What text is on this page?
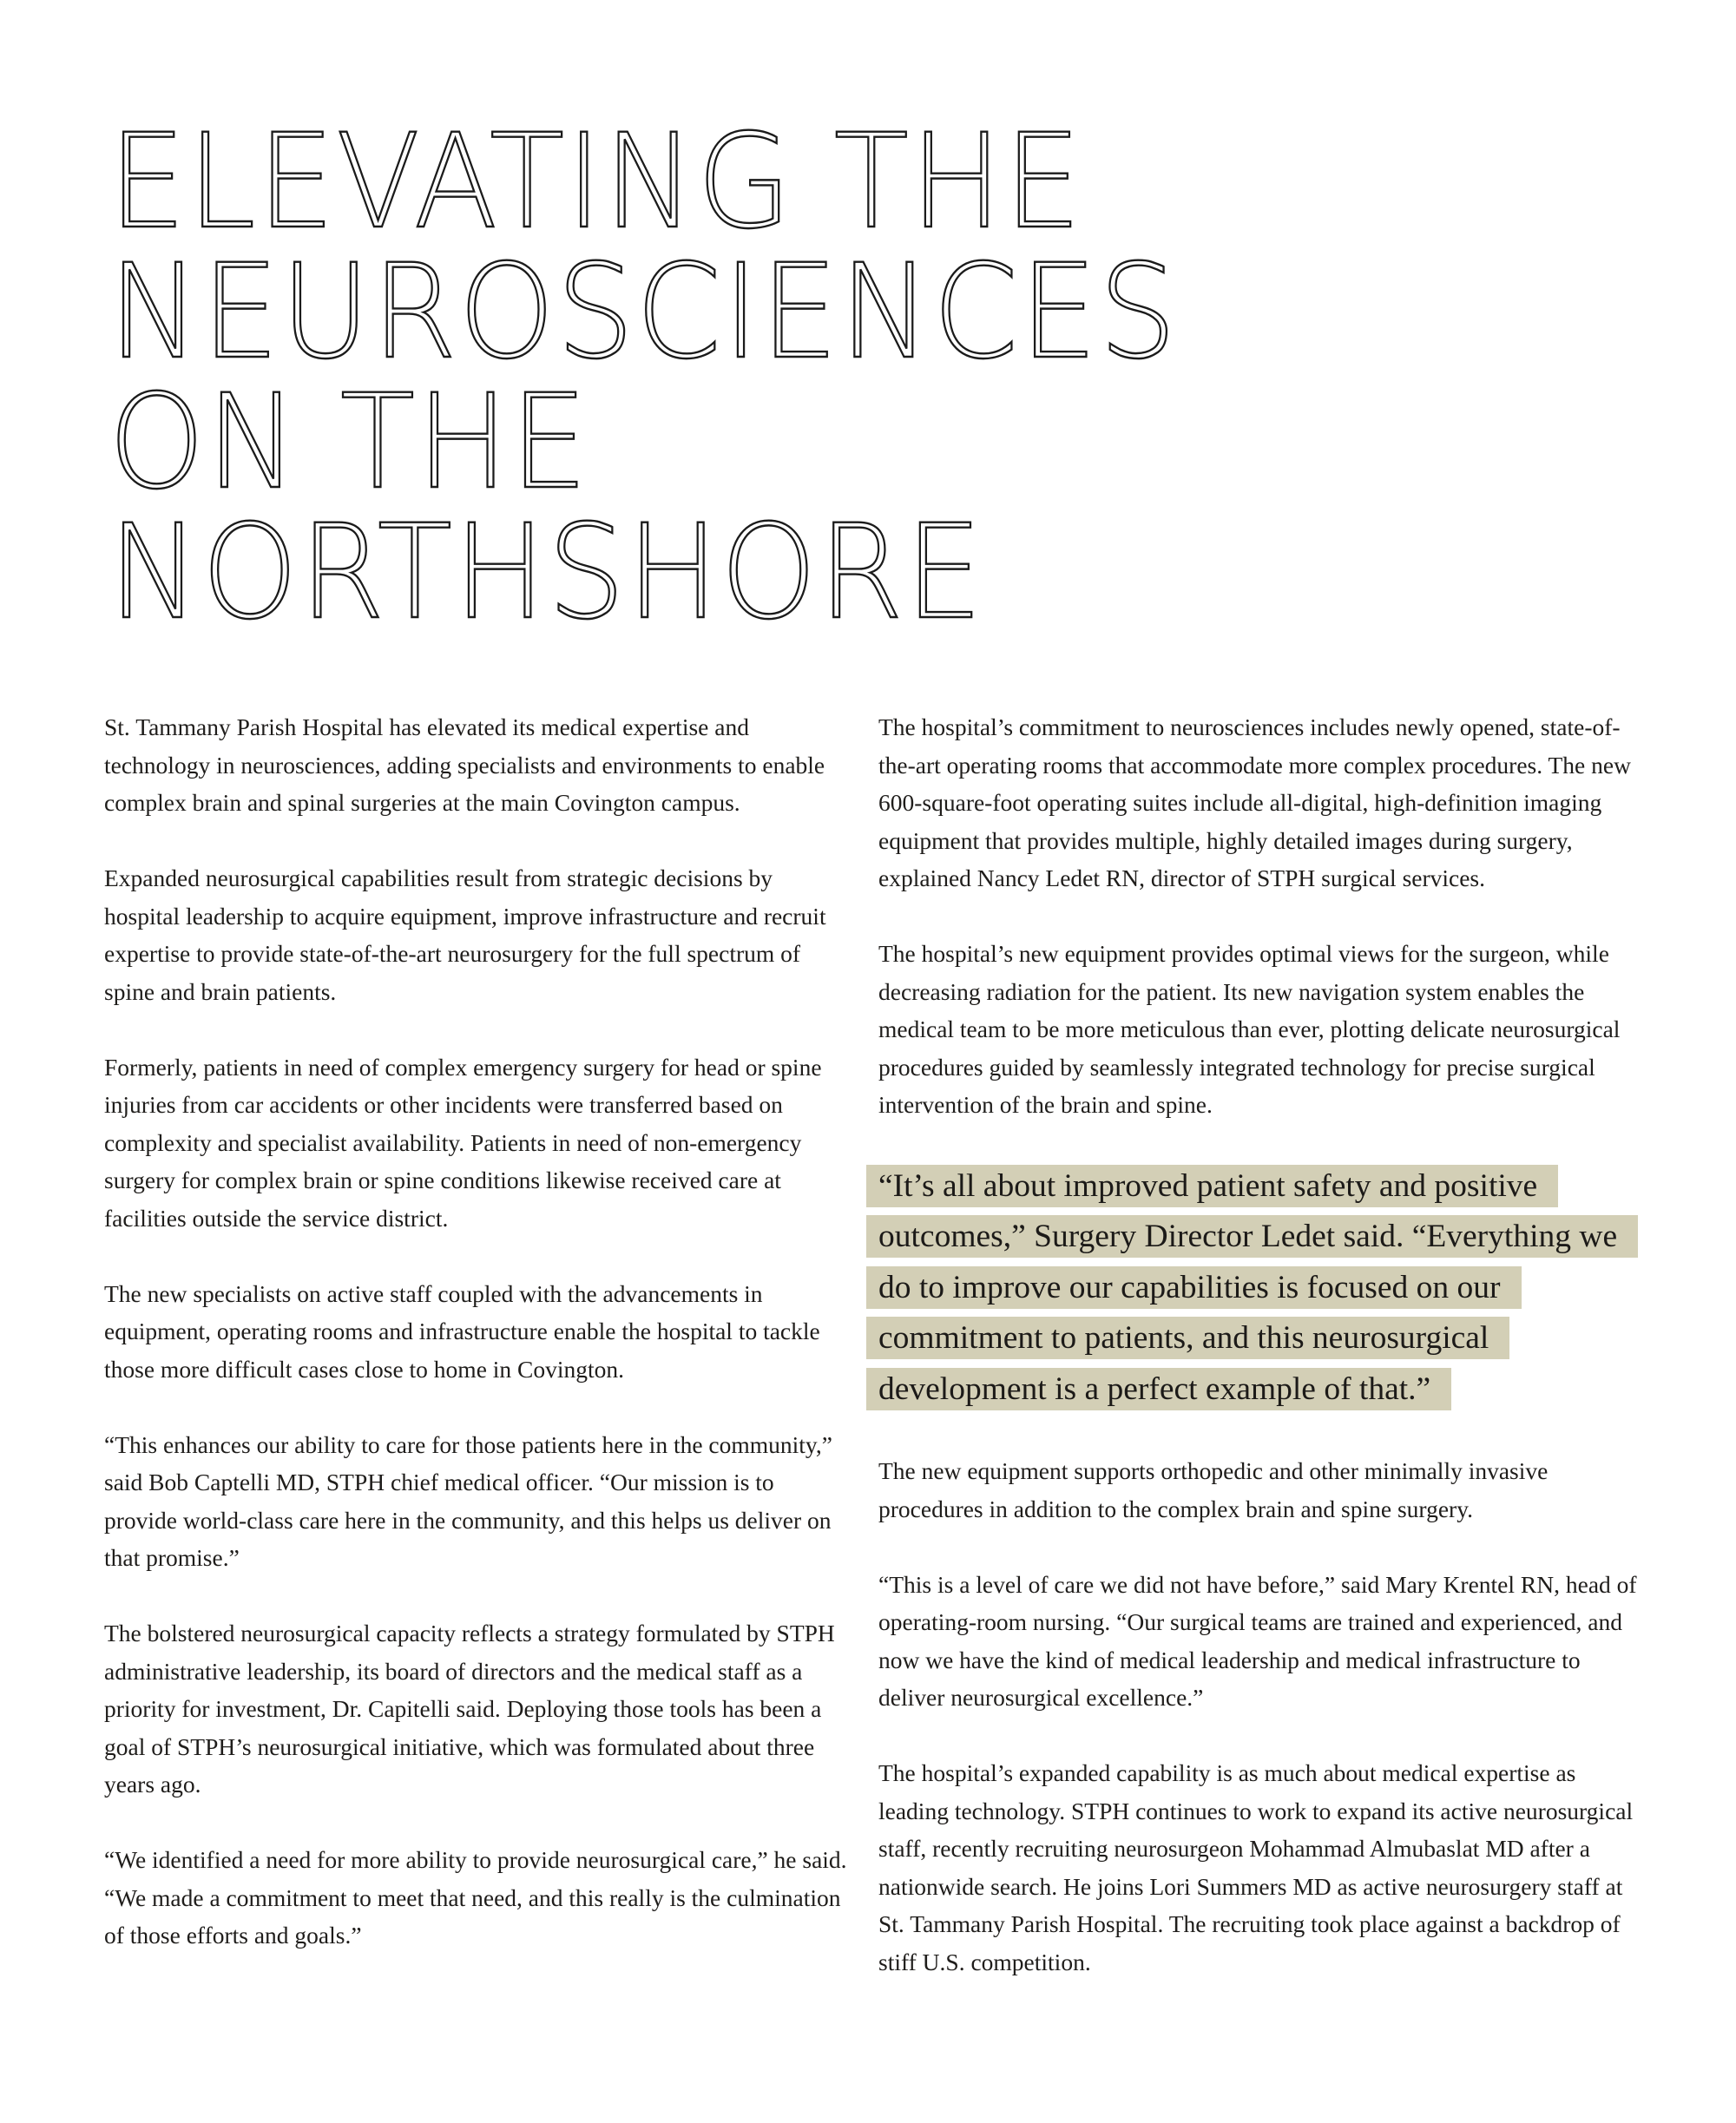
ELEVATING THE
NEUROSCIENCES
ON THE
NORTHSHORE

St. Tammany Parish Hospital has elevated its medical expertise and technology in neurosciences, adding specialists and environments to enable complex brain and spinal surgeries at the main Covington campus.

Expanded neurosurgical capabilities result from strategic decisions by hospital leadership to acquire equipment, improve infrastructure and recruit expertise to provide state-of-the-art neurosurgery for the full spectrum of spine and brain patients.

Formerly, patients in need of complex emergency surgery for head or spine injuries from car accidents or other incidents were transferred based on complexity and specialist availability. Patients in need of non-emergency surgery for complex brain or spine conditions likewise received care at facilities outside the service district.

The new specialists on active staff coupled with the advancements in equipment, operating rooms and infrastructure enable the hospital to tackle those more difficult cases close to home in Covington.

“This enhances our ability to care for those patients here in the community,” said Bob Captelli MD, STPH chief medical officer. “Our mission is to provide world-class care here in the community, and this helps us deliver on that promise.”

The bolstered neurosurgical capacity reflects a strategy formulated by STPH administrative leadership, its board of directors and the medical staff as a priority for investment, Dr. Capitelli said. Deploying those tools has been a goal of STPH’s neurosurgical initiative, which was formulated about three years ago.

“We identified a need for more ability to provide neurosurgical care,” he said. “We made a commitment to meet that need, and this really is the culmination of those efforts and goals.”

The hospital’s commitment to neurosciences includes newly opened, state-of-the-art operating rooms that accommodate more complex procedures. The new 600-square-foot operating suites include all-digital, high-definition imaging equipment that provides multiple, highly detailed images during surgery, explained Nancy Ledet RN, director of STPH surgical services.

The hospital’s new equipment provides optimal views for the surgeon, while decreasing radiation for the patient. Its new navigation system enables the medical team to be more meticulous than ever, plotting delicate neurosurgical procedures guided by seamlessly integrated technology for precise surgical intervention of the brain and spine.

“It’s all about improved patient safety and positive outcomes,” Surgery Director Ledet said. “Everything we do to improve our capabilities is focused on our commitment to patients, and this neurosurgical development is a perfect example of that.”

The new equipment supports orthopedic and other minimally invasive procedures in addition to the complex brain and spine surgery.

“This is a level of care we did not have before,” said Mary Krentel RN, head of operating-room nursing. “Our surgical teams are trained and experienced, and now we have the kind of medical leadership and medical infrastructure to deliver neurosurgical excellence.”

The hospital’s expanded capability is as much about medical expertise as leading technology. STPH continues to work to expand its active neurosurgical staff, recently recruiting neurosurgeon Mohammad Almubaslat MD after a nationwide search. He joins Lori Summers MD as active neurosurgery staff at St. Tammany Parish Hospital. The recruiting took place against a backdrop of stiff U.S. competition.
